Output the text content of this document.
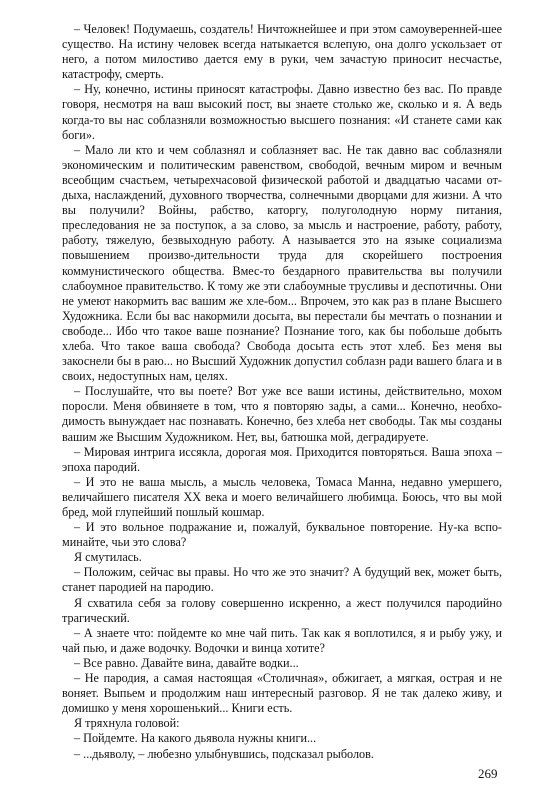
– Человек! Подумаешь, создатель! Ничтожнейшее и при этом самоуверенней-шее существо. На истину человек всегда натыкается вслепую, она долго ускользает от него, а потом милостиво дается ему в руки, чем зачастую приносит несчастье, катастрофу, смерть.

– Ну, конечно, истины приносят катастрофы. Давно известно без вас. По правде говоря, несмотря на ваш высокий пост, вы знаете столько же, сколько и я. А ведь когда-то вы нас соблазняли возможностью высшего познания: «И станете сами как боги».

– Мало ли кто и чем соблазнял и соблазняет вас. Не так давно вас соблазняли экономическим и политическим равенством, свободой, вечным миром и вечным всеобщим счастьем, четырехчасовой физической работой и двадцатью часами от-дыха, наслаждений, духовного творчества, солнечными дворцами для жизни. А что вы получили? Войны, рабство, каторгу, полуголодную норму питания, преследования не за поступок, а за слово, за мысль и настроение, работу, работу, работу, тяжелую, безвыходную работу. А называется это на языке социализма повышением произво-дительности труда для скорейшего построения коммунистического общества. Вмес-то бездарного правительства вы получили слабоумное правительство. К тому же эти слабоумные трусливы и деспотичны. Они не умеют накормить вас вашим же хле-бом... Впрочем, это как раз в плане Высшего Художника. Если бы вас накормили досыта, вы перестали бы мечтать о познании и свободе... Ибо что такое ваше познание? Познание того, как бы побольше добыть хлеба. Что такое ваша свобода? Свобода досыта есть этот хлеб. Без меня вы закоснели бы в раю... но Высший Художник допустил соблазн ради вашего блага и в своих, недоступных нам, целях.

– Послушайте, что вы поете? Вот уже все ваши истины, действительно, мохом поросли. Меня обвиняете в том, что я повторяю зады, а сами... Конечно, необхо-димость вынуждает нас познавать. Конечно, без хлеба нет свободы. Так мы созданы вашим же Высшим Художником. Нет, вы, батюшка мой, деградируете.

– Мировая интрига иссякла, дорогая моя. Приходится повторяться. Ваша эпоха – эпоха пародий.

– И это не ваша мысль, а мысль человека, Томаса Манна, недавно умершего, величайшего писателя XX века и моего величайшего любимца. Боюсь, что вы мой бред, мой глупейший пошлый кошмар.

– И это вольное подражание и, пожалуй, буквальное повторение. Ну-ка вспо-минайте, чьи это слова?

Я смутилась.

– Положим, сейчас вы правы. Но что же это значит? А будущий век, может быть, станет пародией на пародию.

Я схватила себя за голову совершенно искренно, а жест получился пародийно трагический.

– А знаете что: пойдемте ко мне чай пить. Так как я воплотился, я и рыбу ужу, и чай пью, и даже водочку. Водочки и винца хотите?

– Все равно. Давайте вина, давайте водки...

– Не пародия, а самая настоящая «Столичная», обжигает, а мягкая, острая и не воняет. Выпьем и продолжим наш интересный разговор. Я не так далеко живу, и домишко у меня хорошенький... Книги есть.

Я тряхнула головой:

– Пойдемте. На какого дьявола нужны книги...

– ...дьяволу, – любезно улыбнувшись, подсказал рыболов.

269
